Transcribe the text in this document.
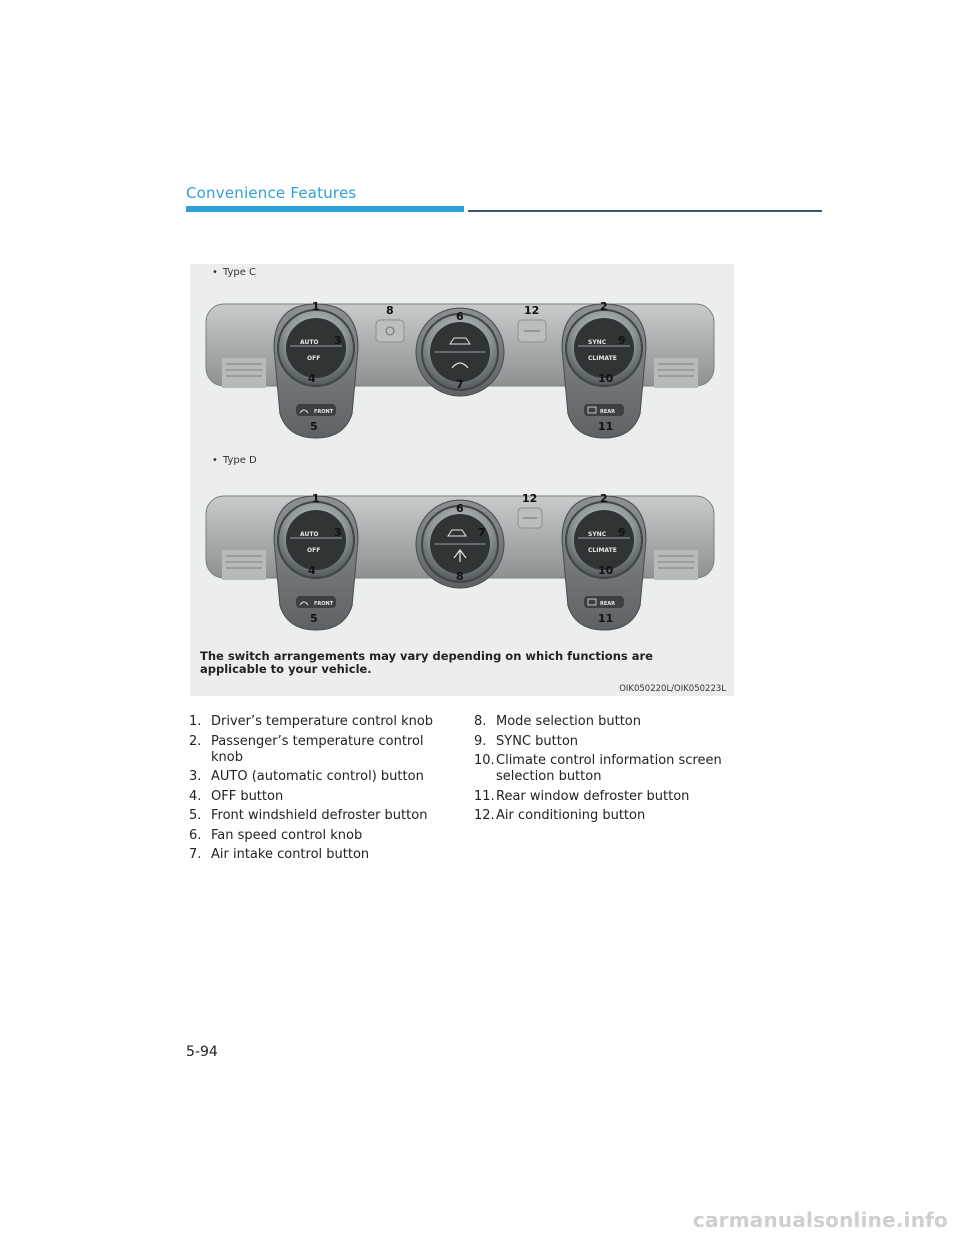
Convenience Features
• Type C
AUTO
OFF
FRONT
SYNC
CLIMATE
REAR
1	8	6	12	2
3	9
4	7	10
5	11
• Type D
AUTO
OFF
FRONT
SYNC
CLIMATE
REAR
1
6
12	2
3	7	9
4	8	10
5	11
The switch arrangements may vary depending on which functions are applicable to your vehicle.
OIK050220L/OIK050223L
1. Driver’s temperature control knob
2. Passenger’s temperature control knob
3. AUTO (automatic control) button
4. OFF button
5. Front windshield defroster button
6. Fan speed control knob
7. Air intake control button
8. Mode selection button
9. SYNC button
10. Climate control information screen selection button
11. Rear window defroster button
12. Air conditioning button
5-94
carmanualsonline.info
